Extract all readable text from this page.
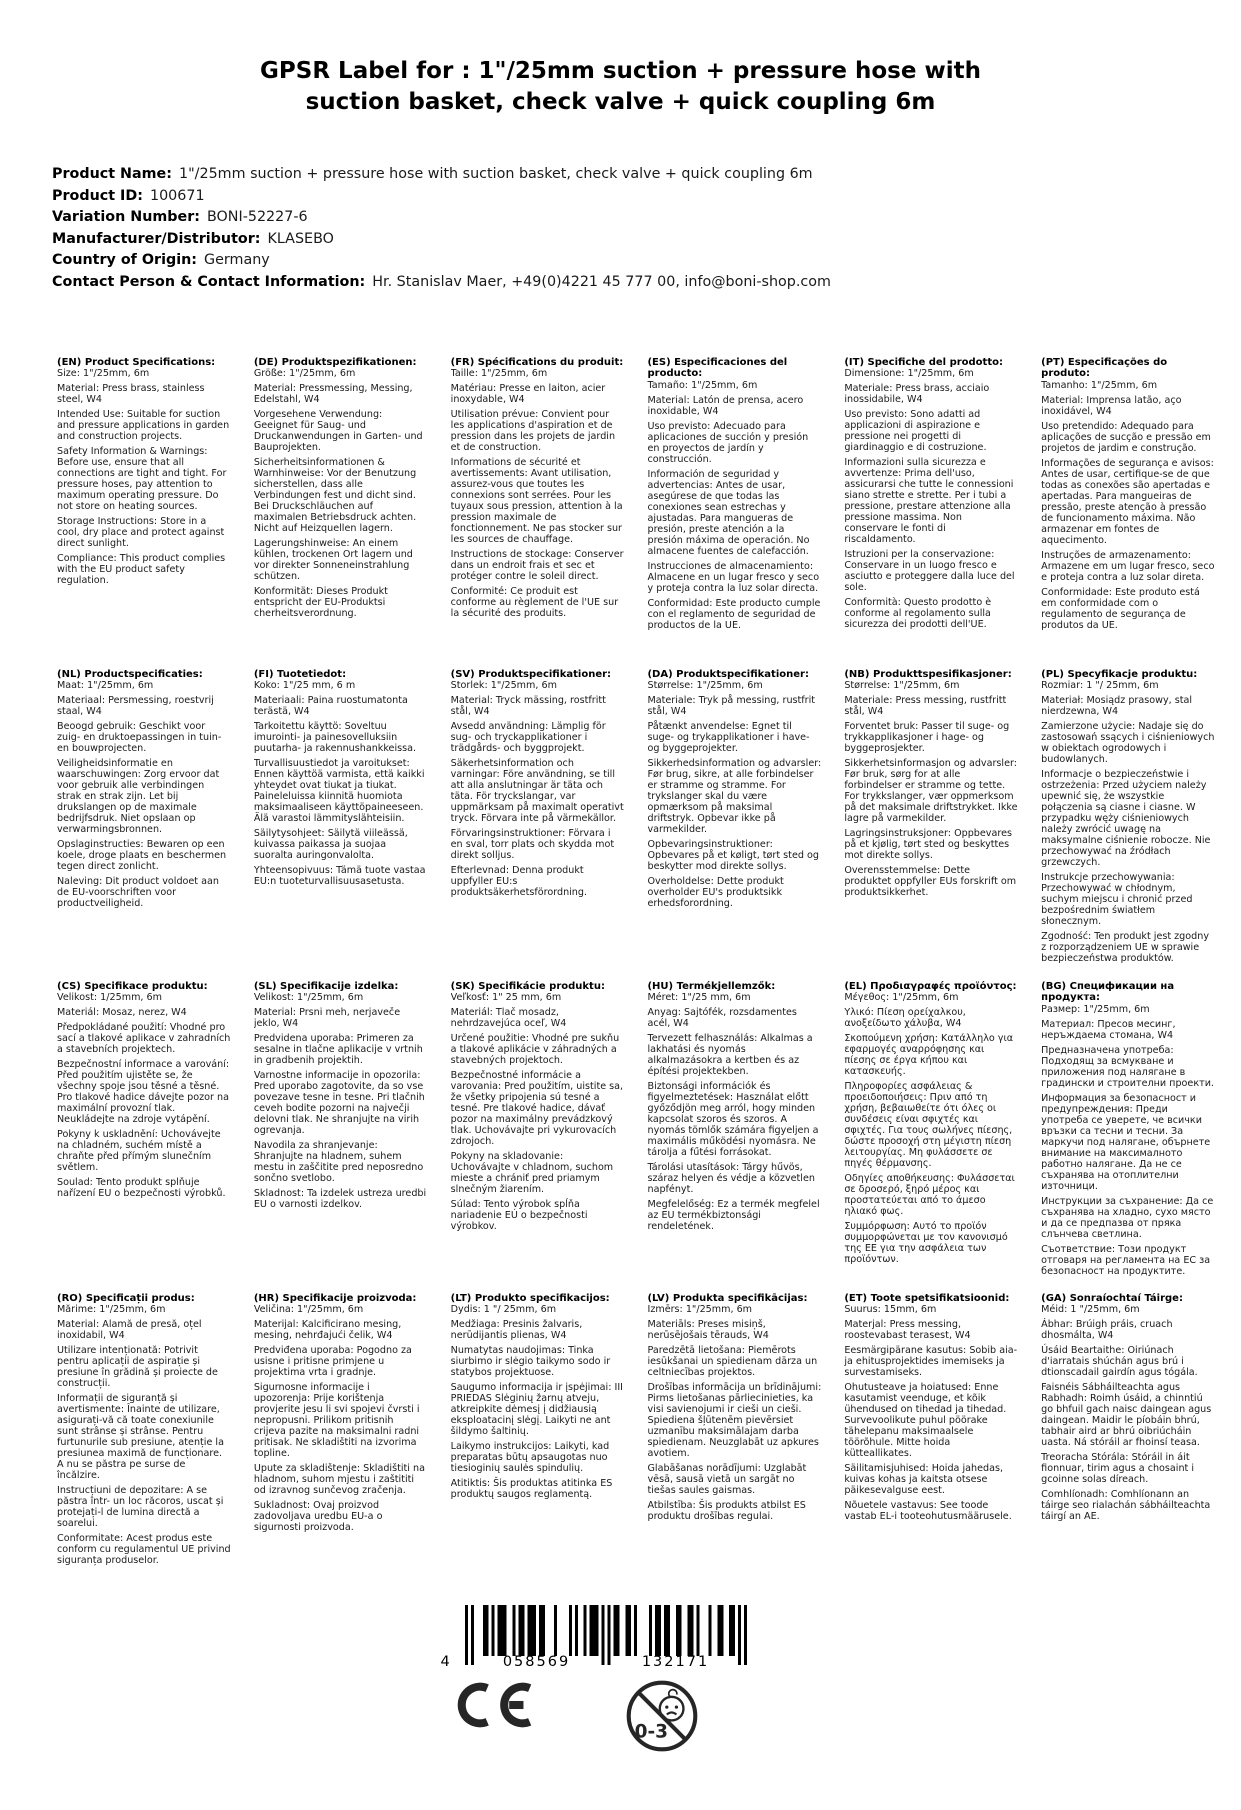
GPSR Label for : 1"/25mm suction + pressure hose with suction basket, check valve + quick coupling 6m
Product Name: 1"/25mm suction + pressure hose with suction basket, check valve + quick coupling 6m
Product ID: 100671
Variation Number: BONI-52227-6
Manufacturer/Distributor: KLASEBO
Country of Origin: Germany
Contact Person & Contact Information: Hr. Stanislav Maer, +49(0)4221 45 777 00, info@boni-shop.com
(EN) Product Specifications:

Size: 1"/25mm, 6m

Material: Press brass, stainless steel, W4

Intended Use: Suitable for suction and pressure applications in garden and construction projects.

Safety Information & Warnings: Before use, ensure that all connections are tight and tight. For pressure hoses, pay attention to maximum operating pressure. Do not store on heating sources.

Storage Instructions: Store in a cool, dry place and protect against direct sunlight.

Compliance: This product complies with the EU product safety regulation.

(DE) Produktspezifikationen:

Größe: 1"/25mm, 6m

Material: Pressmessing, Messing, Edelstahl, W4

Vorgesehene Verwendung: Geeignet für Saug- und Druckanwendungen in Garten- und Bauprojekten.

Sicherheitsinformationen & Warnhinweise: Vor der Benutzung sicherstellen, dass alle Verbindungen fest und dicht sind. Bei Druckschläuchen auf maximalen Betriebsdruck achten. Nicht auf Heizquellen lagern.

Lagerungshinweise: An einem kühlen, trockenen Ort lagern und vor direkter Sonneneinstrahlung schützen.

Konformität: Dieses Produkt entspricht der EU-Produktsi cherheitsverordnung.

(FR) Spécifications du produit:

Taille: 1"/25mm, 6m

Matériau: Presse en laiton, acier inoxydable, W4

Utilisation prévue: Convient pour les applications d'aspiration et de pression dans les projets de jardin et de construction.

Informations de sécurité et avertissements: Avant utilisation, assurez-vous que toutes les connexions sont serrées. Pour les tuyaux sous pression, attention à la pression maximale de fonctionnement. Ne pas stocker sur les sources de chauffage.

Instructions de stockage: Conserver dans un endroit frais et sec et protéger contre le soleil direct.

Conformité: Ce produit est conforme au règlement de l'UE sur la sécurité des produits.

(ES) Especificaciones del producto:

Tamaño: 1"/25mm, 6m

Material: Latón de prensa, acero inoxidable, W4

Uso previsto: Adecuado para aplicaciones de succión y presión en proyectos de jardín y construcción.

Información de seguridad y advertencias: Antes de usar, asegúrese de que todas las conexiones sean estrechas y ajustadas. Para mangueras de presión, preste atención a la presión máxima de operación. No almacene fuentes de calefacción.

Instrucciones de almacenamiento: Almacene en un lugar fresco y seco y proteja contra la luz solar directa.

Conformidad: Este producto cumple con el reglamento de seguridad de productos de la UE.

(IT) Specifiche del prodotto:

Dimensione: 1"/25mm, 6m

Materiale: Press brass, acciaio inossidabile, W4

Uso previsto: Sono adatti ad applicazioni di aspirazione e pressione nei progetti di giardinaggio e di costruzione.

Informazioni sulla sicurezza e avvertenze: Prima dell'uso, assicurarsi che tutte le connessioni siano strette e strette. Per i tubi a pressione, prestare attenzione alla pressione massima. Non conservare le fonti di riscaldamento.

Istruzioni per la conservazione: Conservare in un luogo fresco e asciutto e proteggere dalla luce del sole.

Conformità: Questo prodotto è conforme al regolamento sulla sicurezza dei prodotti dell'UE.

(PT) Especificações do produto:

Tamanho: 1"/25mm, 6m

Material: Imprensa latão, aço inoxidável, W4

Uso pretendido: Adequado para aplicações de sucção e pressão em projetos de jardim e construção.

Informações de segurança e avisos: Antes de usar, certifique-se de que todas as conexões são apertadas e apertadas. Para mangueiras de pressão, preste atenção à pressão de funcionamento máxima. Não armazenar em fontes de aquecimento.

Instruções de armazenamento: Armazene em um lugar fresco, seco e proteja contra a luz solar direta.

Conformidade: Este produto está em conformidade com o regulamento de segurança de produtos da UE.

(NL) Productspecificaties:

Maat: 1"/25mm, 6m

Materiaal: Persmessing, roestvrij staal, W4

Beoogd gebruik: Geschikt voor zuig- en druktoepassingen in tuin- en bouwprojecten.

Veiligheidsinformatie en waarschuwingen: Zorg ervoor dat voor gebruik alle verbindingen strak en strak zijn. Let bij drukslangen op de maximale bedrijfsdruk. Niet opslaan op verwarmingsbronnen.

Opslaginstructies: Bewaren op een koele, droge plaats en beschermen tegen direct zonlicht.

Naleving: Dit product voldoet aan de EU-voorschriften voor productveiligheid.

(FI) Tuotetiedot:

Koko: 1"/25 mm, 6 m

Materiaali: Paina ruostumatonta terästä, W4

Tarkoitettu käyttö: Soveltuu imurointi- ja painesovelluksiin puutarha- ja rakennushankkeissa.

Turvallisuustiedot ja varoitukset: Ennen käyttöä varmista, että kaikki yhteydet ovat tiukat ja tiukat. Paineleluissa kiinnitä huomiota maksimaaliseen käyttöpaineeseen. Älä varastoi lämmityslähteisiin.

Säilytysohjeet: Säilytä viileässä, kuivassa paikassa ja suojaa suoralta auringonvalolta.

Yhteensopivuus: Tämä tuote vastaa EU:n tuoteturvallisuusasetusta.

(SV) Produktspecifikationer:

Storlek: 1"/25mm, 6m

Material: Tryck mässing, rostfritt stål, W4

Avsedd användning: Lämplig för sug- och tryckapplikationer i trädgårds- och byggprojekt.

Säkerhetsinformation och varningar: Före användning, se till att alla anslutningar är täta och täta. För tryckslangar, var uppmärksam på maximalt operativt tryck. Förvara inte på värmekällor.

Förvaringsinstruktioner: Förvara i en sval, torr plats och skydda mot direkt solljus.

Efterlevnad: Denna produkt uppfyller EU:s produktsäkerhetsförordning.

(DA) Produktspecifikationer:

Størrelse: 1"/25mm, 6m

Materiale: Tryk på messing, rustfrit stål, W4

Påtænkt anvendelse: Egnet til suge- og trykapplikationer i have- og byggeprojekter.

Sikkerhedsinformation og advarsler: Før brug, sikre, at alle forbindelser er stramme og stramme. For trykslanger skal du være opmærksom på maksimal driftstryk. Opbevar ikke på varmekilder.

Opbevaringsinstruktioner: Opbevares på et køligt, tørt sted og beskytter mod direkte sollys.

Overholdelse: Dette produkt overholder EU's produktsikk erhedsforordning.

(NB) Produkttspesifikasjoner:

Størrelse: 1"/25mm, 6m

Materiale: Press messing, rustfritt stål, W4

Forventet bruk: Passer til suge- og trykkapplikasjoner i hage- og byggeprosjekter.

Sikkerhetsinformasjon og advarsler: Før bruk, sørg for at alle forbindelser er stramme og tette. For trykkslanger, vær oppmerksom på det maksimale driftstrykket. Ikke lagre på varmekilder.

Lagringsinstruksjoner: Oppbevares på et kjølig, tørt sted og beskyttes mot direkte sollys.

Overensstemmelse: Dette produktet oppfyller EUs forskrift om produktsikkerhet.

(PL) Specyfikacje produktu:

Rozmiar: 1 "/ 25mm, 6m

Materiał: Mosiądz prasowy, stal nierdzewna, W4

Zamierzone użycie: Nadaje się do zastosowań ssących i ciśnieniowych w obiektach ogrodowych i budowlanych.

Informacje o bezpieczeństwie i ostrzeżenia: Przed użyciem należy upewnić się, że wszystkie połączenia są ciasne i ciasne. W przypadku węży ciśnieniowych należy zwrócić uwagę na maksymalne ciśnienie robocze. Nie przechowywać na źródłach grzewczych.

Instrukcje przechowywania: Przechowywać w chłodnym, suchym miejscu i chronić przed bezpośrednim światłem słonecznym.

Zgodność: Ten produkt jest zgodny z rozporządzeniem UE w sprawie bezpieczeństwa produktów.

(CS) Specifikace produktu:

Velikost: 1/25mm, 6m

Materiál: Mosaz, nerez, W4

Předpokládané použití: Vhodné pro sací a tlakové aplikace v zahradních a stavebních projektech.

Bezpečnostní informace a varování: Před použitím ujistěte se, že všechny spoje jsou těsné a těsné. Pro tlakové hadice dávejte pozor na maximální provozní tlak. Neukládejte na zdroje vytápění.

Pokyny k uskladnění: Uchovávejte na chladném, suchém místě a chraňte před přímým slunečním světlem.

Soulad: Tento produkt splňuje nařízení EU o bezpečnosti výrobků.

(SL) Specifikacije izdelka:

Velikost: 1"/25mm, 6m

Material: Prsni meh, nerjaveče jeklo, W4

Predvidena uporaba: Primeren za sesalne in tlačne aplikacije v vrtnih in gradbenih projektih.

Varnostne informacije in opozorila: Pred uporabo zagotovite, da so vse povezave tesne in tesne. Pri tlačnih ceveh bodite pozorni na največji delovni tlak. Ne shranjujte na virih ogrevanja.

Navodila za shranjevanje: Shranjujte na hladnem, suhem mestu in zaščitite pred neposredno sončno svetlobo.

Skladnost: Ta izdelek ustreza uredbi EU o varnosti izdelkov.

(SK) Špecifikácie produktu:

Veľkosť: 1" 25 mm, 6m

Materiál: Tlač mosadz, nehrdzavejúca oceľ, W4

Určené použitie: Vhodné pre sukňu a tlakové aplikácie v záhradných a stavebných projektoch.

Bezpečnostné informácie a varovania: Pred použitím, uistite sa, že všetky pripojenia sú tesné a tesné. Pre tlakové hadice, dávať pozor na maximálny prevádzkový tlak. Uchovávajte pri vykurovacích zdrojoch.

Pokyny na skladovanie: Uchovávajte v chladnom, suchom mieste a chrániť pred priamym slnečným žiarením.

Súlad: Tento výrobok spĺňa nariadenie EÚ o bezpečnosti výrobkov.

(HU) Termékjellemzők:

Méret: 1"/25 mm, 6m

Anyag: Sajtófék, rozsdamentes acél, W4

Tervezett felhasználás: Alkalmas a lakhatási és nyomás alkalmazásokra a kertben és az építési projektekben.

Biztonsági információk és figyelmeztetések: Használat előtt győződjön meg arról, hogy minden kapcsolat szoros és szoros. A nyomás tömlők számára figyeljen a maximális működési nyomásra. Ne tárolja a fűtési forrásokat.

Tárolási utasítások: Tárgy hűvös, száraz helyen és védje a közvetlen napfényt.

Megfelelőség: Ez a termék megfelel az EU termékbiztonsági rendeletének.

(EL) Προδιαγραφές προϊόντος:

Μέγεθος: 1"/25mm, 6m

Υλικό: Πίεση ορείχαλκου, ανοξείδωτο χάλυβα, W4

Σκοπούμενη χρήση: Κατάλληλο για εφαρμογές αναρρόφησης και πίεσης σε έργα κήπου και κατασκευής.

Πληροφορίες ασφάλειας & προειδοποιήσεις: Πριν από τη χρήση, βεβαιωθείτε ότι όλες οι συνδέσεις είναι σφιχτές και σφιχτές. Για τους σωλήνες πίεσης, δώστε προσοχή στη μέγιστη πίεση λειτουργίας. Μη φυλάσσετε σε πηγές θέρμανσης.

Οδηγίες αποθήκευσης: Φυλάσσεται σε δροσερό, ξηρό μέρος και προστατεύεται από το άμεσο ηλιακό φως.

Συμμόρφωση: Αυτό το προϊόν συμμορφώνεται με τον κανονισμό της ΕΕ για την ασφάλεια των προϊόντων.

(BG) Спецификации на продукта:

Размер: 1"/25mm, 6m

Материал: Пресов месинг, неръждаема стомана, W4

Предназначена употреба: Подходящ за всмукване и приложения под налягане в градински и строителни проекти.

Информация за безопасност и предупреждения: Преди употреба се уверете, че всички връзки са тесни и тесни. За маркучи под налягане, обърнете внимание на максималното работно налягане. Да не се съхранява на отоплителни източници.

Инструкции за съхранение: Да се съхранява на хладно, сухо място и да се предпазва от пряка слънчева светлина.

Съответствие: Този продукт отговаря на регламента на ЕС за безопасност на продуктите.

(RO) Specificații produs:

Mărime: 1"/25mm, 6m

Material: Alamă de presă, oțel inoxidabil, W4

Utilizare intenționată: Potrivit pentru aplicații de aspirație și presiune în grădină și proiecte de construcții.

Informații de siguranță și avertismente: Înainte de utilizare, asigurați-vă că toate conexiunile sunt strânse și strânse. Pentru furtunurile sub presiune, atenție la presiunea maximă de funcționare. A nu se păstra pe surse de încălzire.

Instrucțiuni de depozitare: A se păstra într- un loc răcoros, uscat și protejați-l de lumina directă a soarelui.

Conformitate: Acest produs este conform cu regulamentul UE privind siguranța produselor.

(HR) Specifikacije proizvoda:

Veličina: 1"/25mm, 6m

Materijal: Kalcificirano mesing, mesing, nehrđajući čelik, W4

Predviđena uporaba: Pogodno za usisne i pritisne primjene u projektima vrta i gradnje.

Sigurnosne informacije i upozorenja: Prije korištenja provjerite jesu li svi spojevi čvrsti i nepropusni. Prilikom pritisnih crijeva pazite na maksimalni radni pritisak. Ne skladištiti na izvorima topline.

Upute za skladištenje: Skladištiti na hladnom, suhom mjestu i zaštititi od izravnog sunčevog zračenja.

Sukladnost: Ovaj proizvod zadovoljava uredbu EU-a o sigurnosti proizvoda.

(LT) Produkto specifikacijos:

Dydis: 1 "/ 25mm, 6m

Medžiaga: Presinis žalvaris, nerūdijantis plienas, W4

Numatytas naudojimas: Tinka siurbimo ir slėgio taikymo sodo ir statybos projektuose.

Saugumo informacija ir įspėjimai: III PRIEDAS Slėginių žarnų atveju, atkreipkite dėmesį į didžiausią eksploatacinį slėgį. Laikyti ne ant šildymo šaltinių.

Laikymo instrukcijos: Laikyti, kad preparatas būtų apsaugotas nuo tiesioginių saulės spindulių.

Atitiktis: Šis produktas atitinka ES produktų saugos reglamentą.

(LV) Produkta specifikācijas:

Izmērs: 1"/25mm, 6m

Materiāls: Preses misiņš, nerūsējošais tērauds, W4

Paredzētā lietošana: Piemērots iesūkšanai un spiedienam dārza un celtniecības projektos.

Drošības informācija un brīdinājumi: Pirms lietošanas pārliecinieties, ka visi savienojumi ir cieši un cieši. Spiediena šļūtenēm pievērsiet uzmanību maksimālajam darba spiedienam. Neuzglabāt uz apkures avotiem.

Glabāšanas norādījumi: Uzglabāt vēsā, sausā vietā un sargāt no tiešas saules gaismas.

Atbilstība: Šis produkts atbilst ES produktu drošības regulai.

(ET) Toote spetsifikatsioonid:

Suurus: 15mm, 6m

Materjal: Press messing, roostevabast terasest, W4

Eesmärgipärane kasutus: Sobib aia- ja ehitusprojektides imemiseks ja survestamiseks.

Ohutusteave ja hoiatused: Enne kasutamist veenduge, et kõik ühendused on tihedad ja tihedad. Survevoolikute puhul pöörake tähelepanu maksimaalsele töörõhule. Mitte hoida kütteallikates.

Säilitamisjuhised: Hoida jahedas, kuivas kohas ja kaitsta otsese päikesevalguse eest.

Nõuetele vastavus: See toode vastab EL-i tooteohutusmäärusele.

(GA) Sonraíochtaí Táirge:

Méid: 1 "/25mm, 6m

Ábhar: Brúigh práis, cruach dhosmálta, W4

Úsáid Beartaithe: Oiriúnach d'iarratais shúchán agus brú i dtionscadail gairdín agus tógála.

Faisnéis Sábháilteachta agus Rabhadh: Roimh úsáid, a chinntiú go bhfuil gach naisc daingean agus daingean. Maidir le píobáin bhrú, tabhair aird ar bhrú oibriúcháin uasta. Ná stóráil ar fhoinsí teasa.

Treoracha Stórála: Stóráil in áit fionnuar, tirim agus a chosaint i gcoinne solas díreach.

Comhlíonadh: Comhlíonann an táirge seo rialachán sábháilteachta táirgí an AE.

4	058569	132171
0-3
